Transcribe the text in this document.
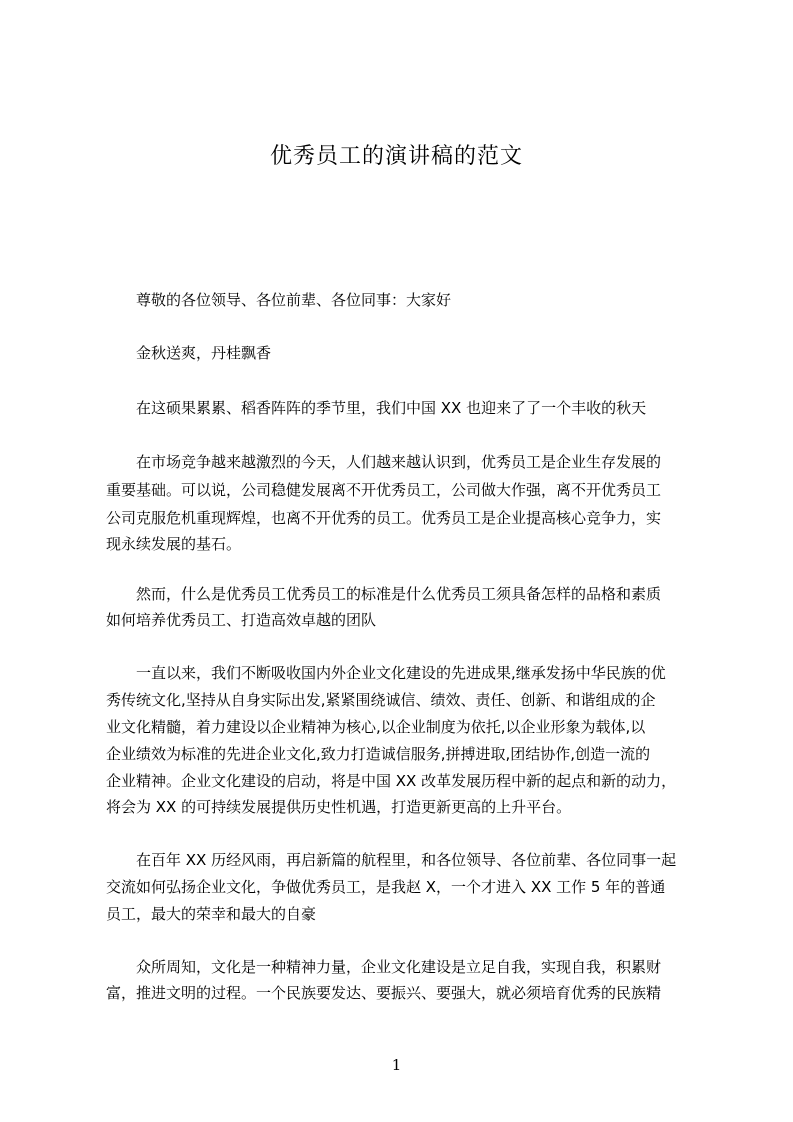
优秀员工的演讲稿的范文
尊敬的各位领导、各位前辈、各位同事：大家好
金秋送爽，丹桂飘香
在这硕果累累、稻香阵阵的季节里，我们中国 XX 也迎来了了一个丰收的秋天
在市场竞争越来越激烈的今天，人们越来越认识到，优秀员工是企业生存发展的
重要基础。可以说，公司稳健发展离不开优秀员工，公司做大作强，离不开优秀员工
公司克服危机重现辉煌，也离不开优秀的员工。优秀员工是企业提高核心竞争力，实
现永续发展的基石。
然而，什么是优秀员工优秀员工的标准是什么优秀员工须具备怎样的品格和素质
如何培养优秀员工、打造高效卓越的团队
一直以来，我们不断吸收国内外企业文化建设的先进成果,继承发扬中华民族的优
秀传统文化,坚持从自身实际出发,紧紧围绕诚信、绩效、责任、创新、和谐组成的企
业文化精髓，着力建设以企业精神为核心,以企业制度为依托,以企业形象为载体,以
企业绩效为标准的先进企业文化,致力打造诚信服务,拼搏进取,团结协作,创造一流的
企业精神。企业文化建设的启动，将是中国 XX 改革发展历程中新的起点和新的动力，
将会为 XX 的可持续发展提供历史性机遇，打造更新更高的上升平台。
在百年 XX 历经风雨，再启新篇的航程里，和各位领导、各位前辈、各位同事一起
交流如何弘扬企业文化，争做优秀员工，是我赵 X，一个才进入 XX 工作 5 年的普通
员工，最大的荣幸和最大的自豪
众所周知，文化是一种精神力量，企业文化建设是立足自我，实现自我，积累财
富，推进文明的过程。一个民族要发达、要振兴、要强大，就必须培育优秀的民族精
1
